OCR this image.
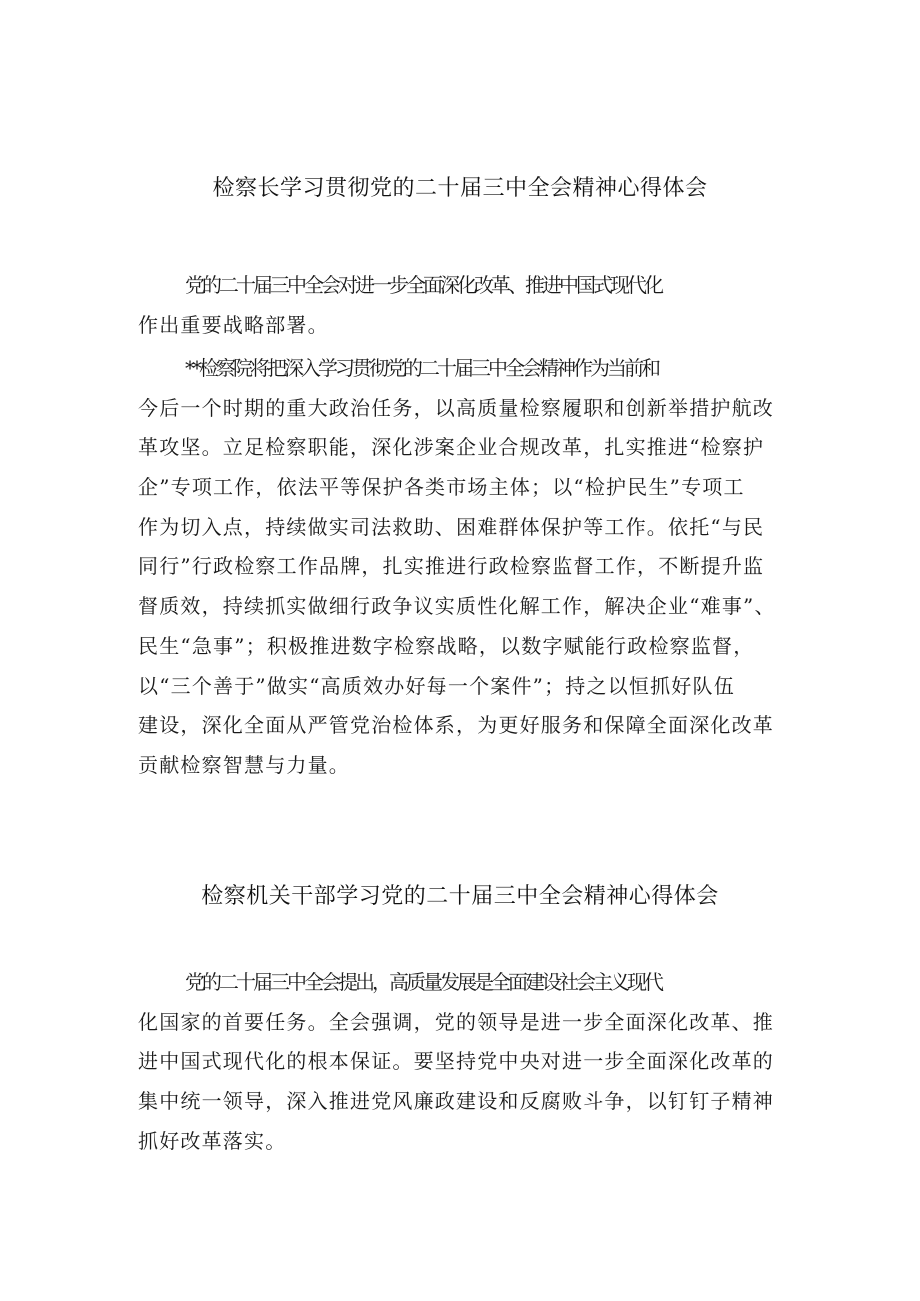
检察长学习贯彻党的二十届三中全会精神心得体会

党的二十届三中全会对进一步全面深化改革、推进中国式现代化
作出重要战略部署。

**检察院将把深入学习贯彻党的二十届三中全会精神作为当前和
今后一个时期的重大政治任务，以高质量检察履职和创新举措护航改
革攻坚。立足检察职能，深化涉案企业合规改革，扎实推进“检察护
企”专项工作，依法平等保护各类市场主体；以“检护民生”专项工
作为切入点，持续做实司法救助、困难群体保护等工作。依托“与民
同行”行政检察工作品牌，扎实推进行政检察监督工作，不断提升监
督质效，持续抓实做细行政争议实质性化解工作，解决企业“难事”、
民生“急事”；积极推进数字检察战略，以数字赋能行政检察监督，
以“三个善于”做实“高质效办好每一个案件”；持之以恒抓好队伍
建设，深化全面从严管党治检体系，为更好服务和保障全面深化改革
贡献检察智慧与力量。

检察机关干部学习党的二十届三中全会精神心得体会

党的二十届三中全会提出，高质量发展是全面建设社会主义现代
化国家的首要任务。全会强调，党的领导是进一步全面深化改革、推
进中国式现代化的根本保证。要坚持党中央对进一步全面深化改革的
集中统一领导，深入推进党风廉政建设和反腐败斗争，以钉钉子精神
抓好改革落实。
